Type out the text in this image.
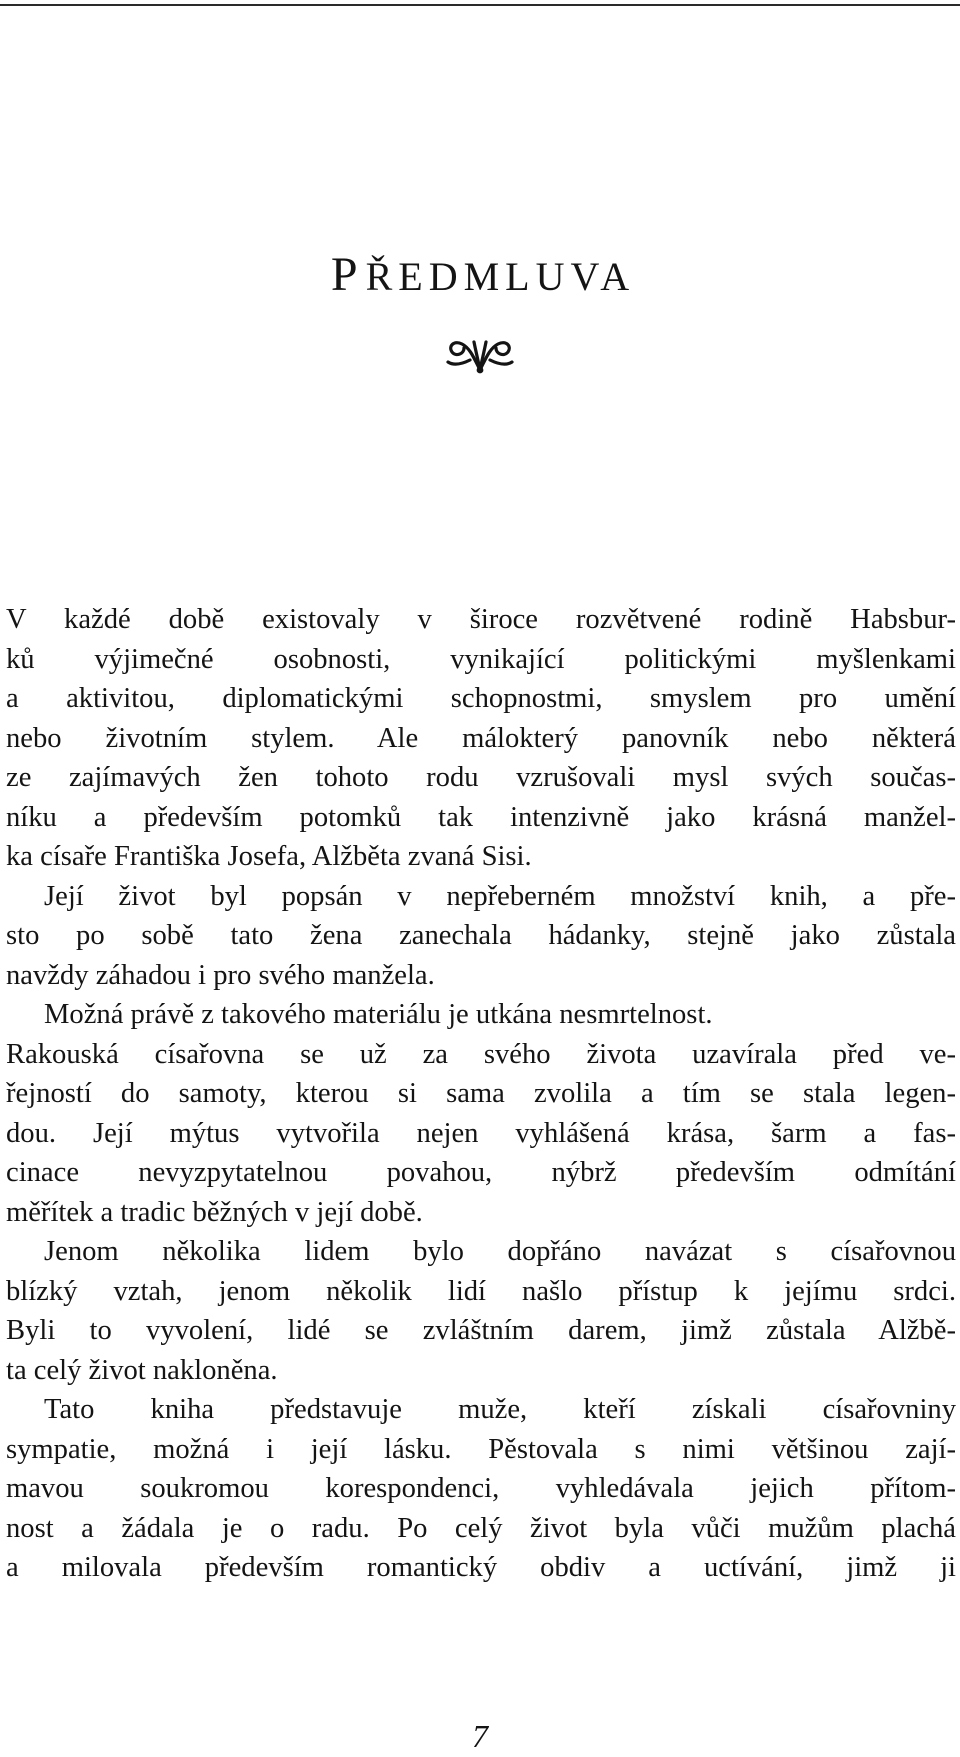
PŘEDMLUVA
V každé době existovaly v široce rozvětvené rodině Habsbur-
ků výjimečné osobnosti, vynikající politickými myšlenkami
a aktivitou, diplomatickými schopnostmi, smyslem pro umění
nebo životním stylem. Ale málokterý panovník nebo některá
ze zajímavých žen tohoto rodu vzrušovali mysl svých součas-
níku a především potomků tak intenzivně jako krásná manžel-
ka císaře Františka Josefa, Alžběta zvaná Sisi.
Její život byl popsán v nepřeberném množství knih, a pře-
sto po sobě tato žena zanechala hádanky, stejně jako zůstala
navždy záhadou i pro svého manžela.
Možná právě z takového materiálu je utkána nesmrtelnost.
Rakouská císařovna se už za svého života uzavírala před ve-
řejností do samoty, kterou si sama zvolila a tím se stala legen-
dou. Její mýtus vytvořila nejen vyhlášená krása, šarm a fas-
cinace nevyzpytatelnou povahou, nýbrž především odmítání
měřítek a tradic běžných v její době.
Jenom několika lidem bylo dopřáno navázat s císařovnou
blízký vztah, jenom několik lidí našlo přístup k jejímu srdci.
Byli to vyvolení, lidé se zvláštním darem, jimž zůstala Alžbě-
ta celý život nakloněna.
Tato kniha představuje muže, kteří získali císařovniny
sympatie, možná i její lásku. Pěstovala s nimi většinou zají-
mavou soukromou korespondenci, vyhledávala jejich přítom-
nost a žádala je o radu. Po celý život byla vůči mužům plachá
a milovala především romantický obdiv a uctívání, jimž ji
7
